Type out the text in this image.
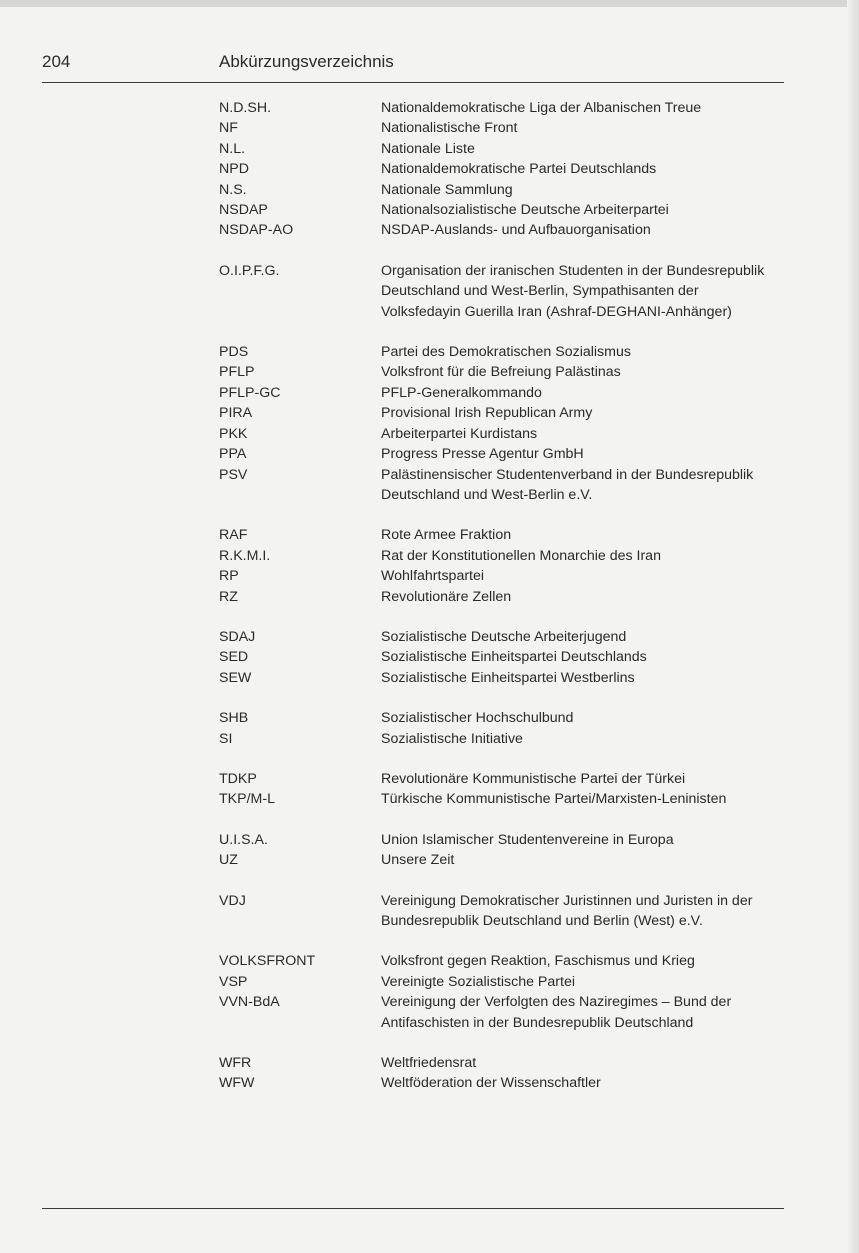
204	Abkürzungsverzeichnis
N.D.SH.	Nationaldemokratische Liga der Albanischen Treue
NF	Nationalistische Front
N.L.	Nationale Liste
NPD	Nationaldemokratische Partei Deutschlands
N.S.	Nationale Sammlung
NSDAP	Nationalsozialistische Deutsche Arbeiterpartei
NSDAP-AO	NSDAP-Auslands- und Aufbauorganisation
O.I.P.F.G.	Organisation der iranischen Studenten in der Bundesrepublik Deutschland und West-Berlin, Sympathisanten der Volksfedayin Guerilla Iran (Ashraf-DEGHANI-Anhänger)
PDS	Partei des Demokratischen Sozialismus
PFLP	Volksfront für die Befreiung Palästinas
PFLP-GC	PFLP-Generalkommando
PIRA	Provisional Irish Republican Army
PKK	Arbeiterpartei Kurdistans
PPA	Progress Presse Agentur GmbH
PSV	Palästinensischer Studentenverband in der Bundesrepublik Deutschland und West-Berlin e.V.
RAF	Rote Armee Fraktion
R.K.M.I.	Rat der Konstitutionellen Monarchie des Iran
RP	Wohlfahrtspartei
RZ	Revolutionäre Zellen
SDAJ	Sozialistische Deutsche Arbeiterjugend
SED	Sozialistische Einheitspartei Deutschlands
SEW	Sozialistische Einheitspartei Westberlins
SHB	Sozialistischer Hochschulbund
SI	Sozialistische Initiative
TDKP	Revolutionäre Kommunistische Partei der Türkei
TKP/M-L	Türkische Kommunistische Partei/Marxisten-Leninisten
U.I.S.A.	Union Islamischer Studentenvereine in Europa
UZ	Unsere Zeit
VDJ	Vereinigung Demokratischer Juristinnen und Juristen in der Bundesrepublik Deutschland und Berlin (West) e.V.
VOLKSFRONT	Volksfront gegen Reaktion, Faschismus und Krieg
VSP	Vereinigte Sozialistische Partei
VVN-BdA	Vereinigung der Verfolgten des Naziregimes – Bund der Antifaschisten in der Bundesrepublik Deutschland
WFR	Weltfriedensrat
WFW	Weltföderation der Wissenschaftler
